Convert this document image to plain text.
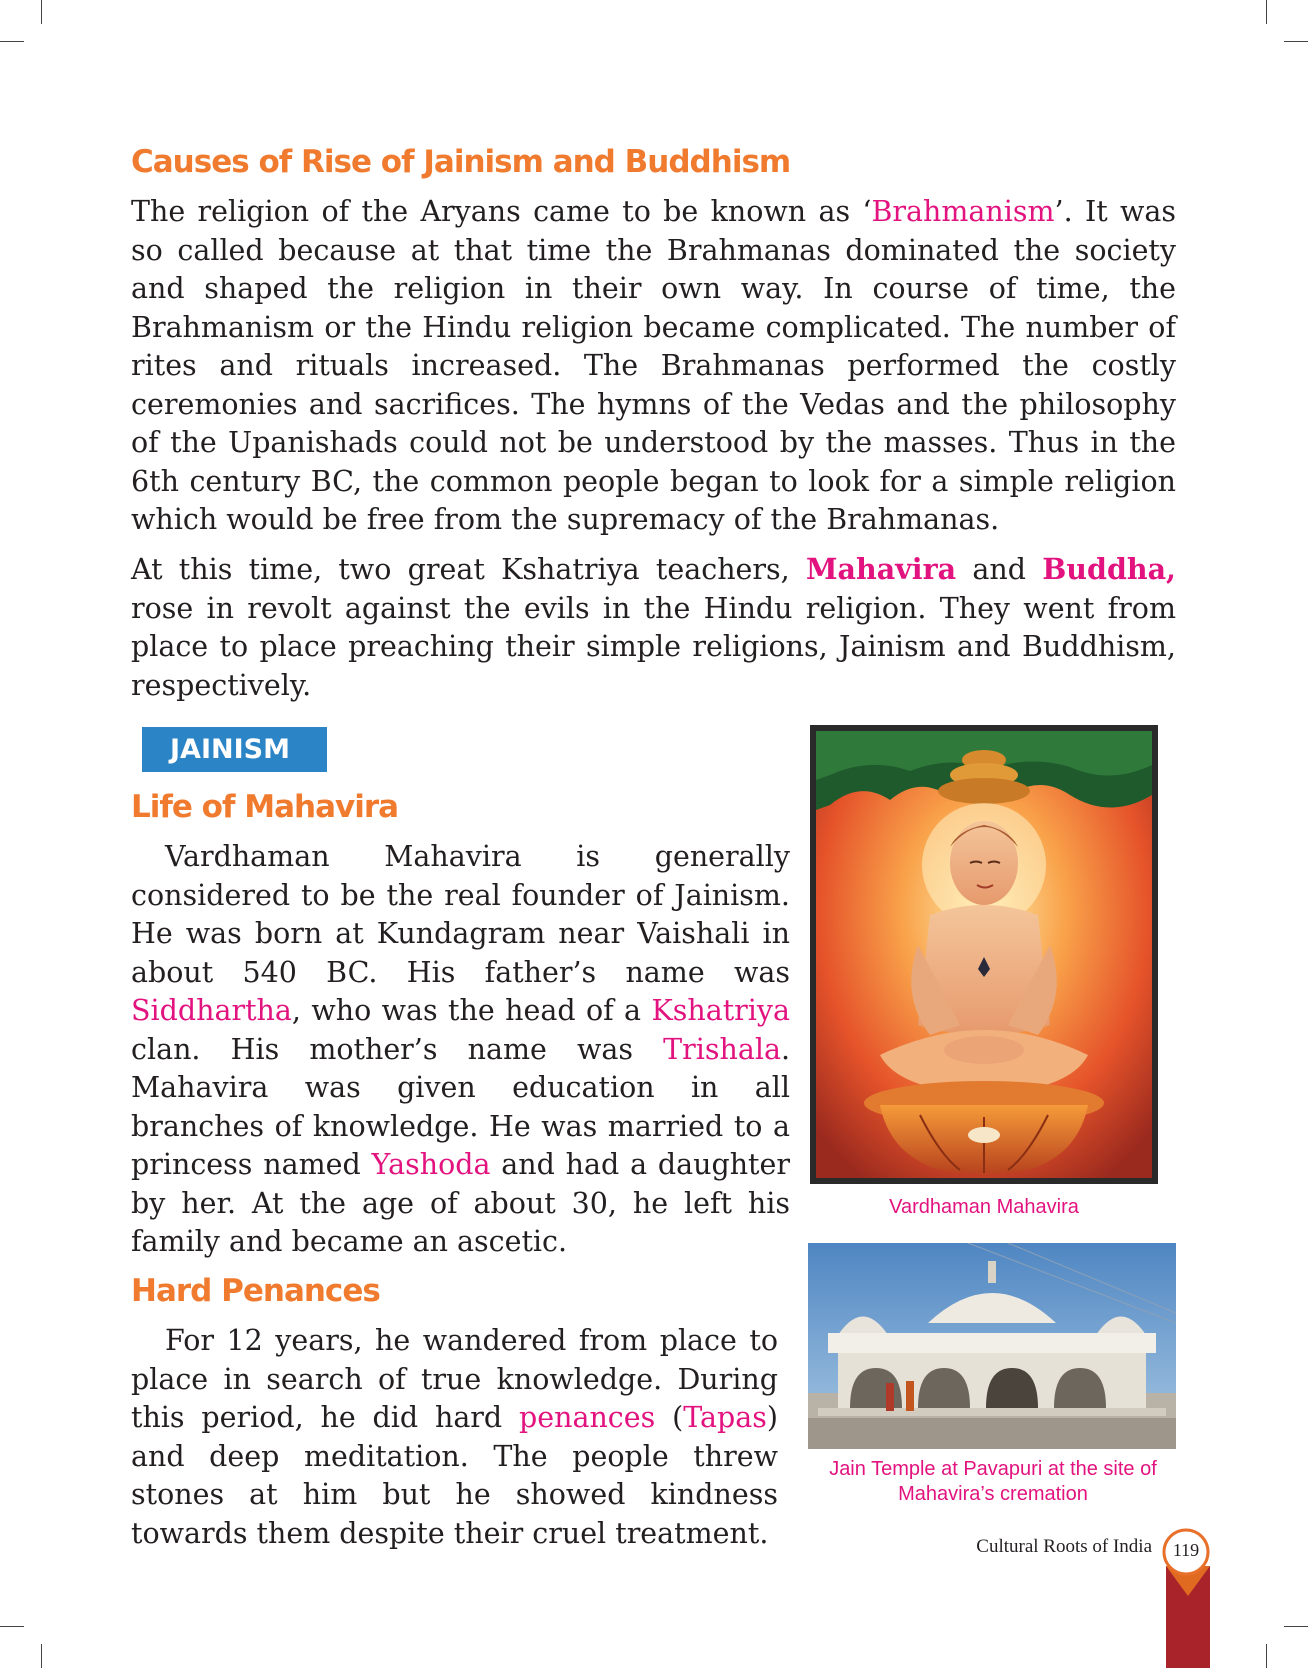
Causes of Rise of Jainism and Buddhism

The religion of the Aryans came to be known as ‘Brahmanism’. It was so called because at that time the Brahmanas dominated the society and shaped the religion in their own way. In course of time, the Brahmanism or the Hindu religion became complicated. The number of rites and rituals increased. The Brahmanas performed the costly ceremonies and sacrifices. The hymns of the Vedas and the philosophy of the Upanishads could not be understood by the masses. Thus in the 6th century BC, the common people began to look for a simple religion which would be free from the supremacy of the Brahmanas.

At this time, two great Kshatriya teachers, Mahavira and Buddha, rose in revolt against the evils in the Hindu religion. They went from place to place preaching their simple religions, Jainism and Buddhism, respectively.

JAINISM
Life of Mahavira

Vardhaman Mahavira is generally considered to be the real founder of Jainism. He was born at Kundagram near Vaishali in about 540 BC. His father’s name was Siddhartha, who was the head of a Kshatriya clan. His mother’s name was Trishala. Mahavira was given education in all branches of knowledge. He was married to a princess named Yashoda and had a daughter by her. At the age of about 30, he left his family and became an ascetic.

Hard Penances

For 12 years, he wandered from place to place in search of true knowledge. During this period, he did hard penances (Tapas) and deep meditation. The people threw stones at him but he showed kindness towards them despite their cruel treatment.

Vardhaman Mahavira
Jain Temple at Pavapuri at the site of
Mahavira’s cremation
Cultural Roots of India	119
